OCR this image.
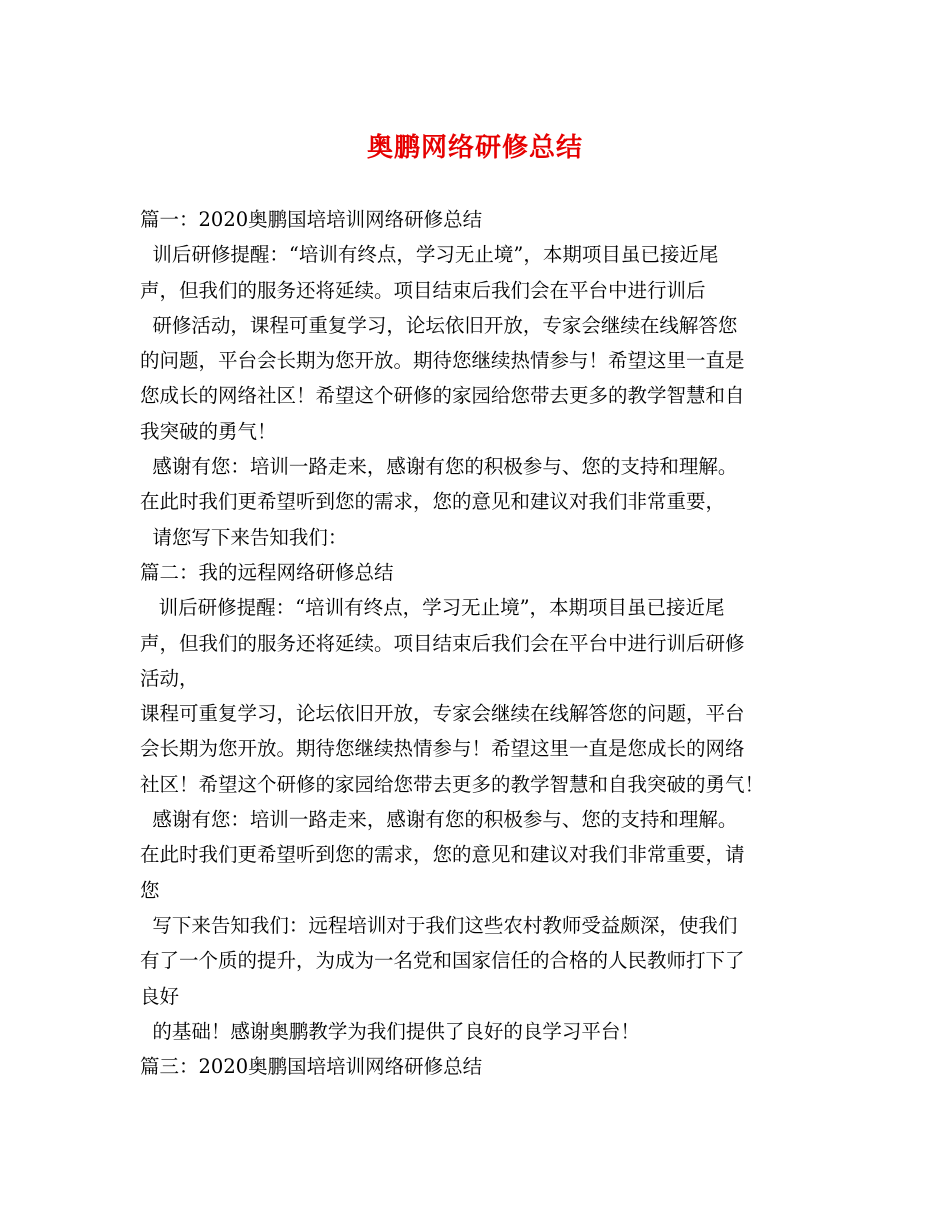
奥鹏网络研修总结
篇一：2020奥鹏国培培训网络研修总结
训后研修提醒：“培训有终点，学习无止境”，本期项目虽已接近尾
声，但我们的服务还将延续。项目结束后我们会在平台中进行训后
研修活动，课程可重复学习，论坛依旧开放，专家会继续在线解答您
的问题，平台会长期为您开放。期待您继续热情参与！希望这里一直是
您成长的网络社区！希望这个研修的家园给您带去更多的教学智慧和自
我突破的勇气！
感谢有您：培训一路走来，感谢有您的积极参与、您的支持和理解。
在此时我们更希望听到您的需求，您的意见和建议对我们非常重要，
请您写下来告知我们：
篇二：我的远程网络研修总结
训后研修提醒：“培训有终点，学习无止境”，本期项目虽已接近尾
声，但我们的服务还将延续。项目结束后我们会在平台中进行训后研修
活动，
课程可重复学习，论坛依旧开放，专家会继续在线解答您的问题，平台
会长期为您开放。期待您继续热情参与！希望这里一直是您成长的网络
社区！希望这个研修的家园给您带去更多的教学智慧和自我突破的勇气！
感谢有您：培训一路走来，感谢有您的积极参与、您的支持和理解。
在此时我们更希望听到您的需求，您的意见和建议对我们非常重要，请
您
写下来告知我们：远程培训对于我们这些农村教师受益颇深，使我们
有了一个质的提升，为成为一名党和国家信任的合格的人民教师打下了
良好
的基础！感谢奥鹏教学为我们提供了良好的良学习平台！
篇三：2020奥鹏国培培训网络研修总结
